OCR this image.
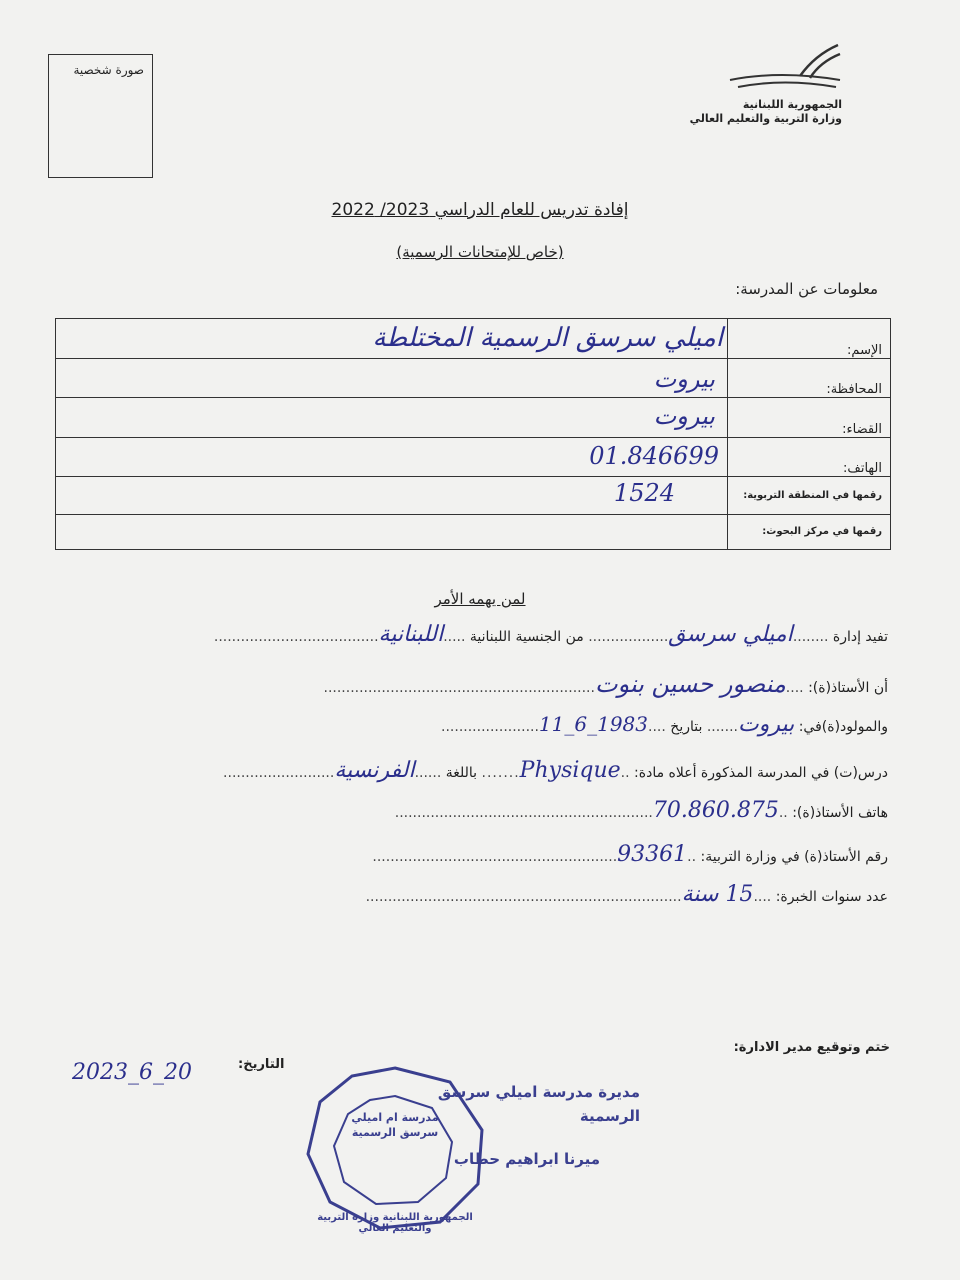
صورة شخصية
الجمهورية اللبنانية
وزارة التربية والتعليم العالي
إفادة تدريس للعام الدراسي 2023/ 2022
(خاص للإمتحانات الرسمية)
معلومات عن المدرسة:
اميلي سرسق الرسمية المختلطة	الإسم:

بيروت	المحافظة:

بيروت	القضاء:

01.846699	الهاتف:

1524	رقمها في المنطقة التربوية:

	رقمها في مركز البحوث:
لمن يهمه الأمر
تفيد إدارة ........اميلي سرسق.................. من الجنسية اللبنانية .....اللبنانية.....................................
أن الأستاذ(ة): ....منصور حسين بنوت.............................................................
والمولود(ة)في: بيروت....... بتاريخ ....1983_6_11......................
درس(ت) في المدرسة المذكورة أعلاه مادة: ..Physique....... باللغة ......الفرنسية.........................
هاتف الأستاذ(ة): ..70.860.875..........................................................
رقم الأستاذ(ة) في وزارة التربية: ..93361.......................................................
عدد سنوات الخبرة: ....15 سنة.......................................................................
ختم وتوقيع مدير الادارة:
التاريخ:
2023_6_20
مدرسة ام اميلي سرسق الرسمية
الجمهورية اللبنانية وزارة التربية والتعليم العالي
مديرة مدرسة اميلي سرسق الرسمية
ميرنا ابراهيم حطاب
